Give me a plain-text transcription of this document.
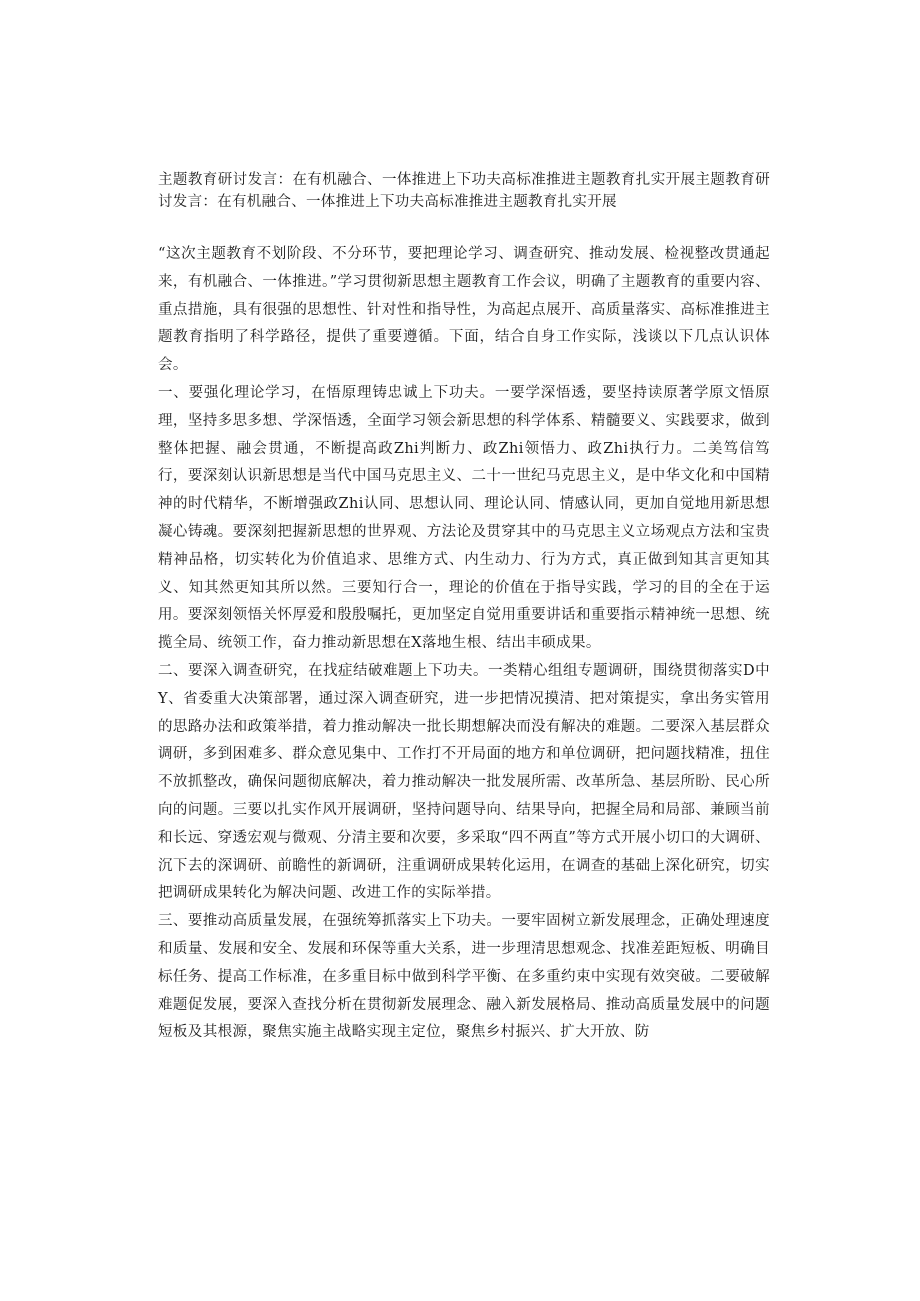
主题教育研讨发言：在有机融合、一体推进上下功夫高标准推进主题教育扎实开展主题教育研讨发言：在有机融合、一体推进上下功夫高标准推进主题教育扎实开展

“这次主题教育不划阶段、不分环节，要把理论学习、调查研究、推动发展、检视整改贯通起来，有机融合、一体推进。”学习贯彻新思想主题教育工作会议，明确了主题教育的重要内容、重点措施，具有很强的思想性、针对性和指导性，为高起点展开、高质量落实、高标准推进主题教育指明了科学路径，提供了重要遵循。下面，结合自身工作实际，浅谈以下几点认识体会。

一、要强化理论学习，在悟原理铸忠诚上下功夫。一要学深悟透，要坚持读原著学原文悟原理，坚持多思多想、学深悟透，全面学习领会新思想的科学体系、精髓要义、实践要求，做到整体把握、融会贯通，不断提高政Zhi判断力、政Zhi领悟力、政Zhi执行力。二美笃信笃行，要深刻认识新思想是当代中国马克思主义、二十一世纪马克思主义，是中华文化和中国精神的时代精华，不断增强政Zhi认同、思想认同、理论认同、情感认同，更加自觉地用新思想凝心铸魂。要深刻把握新思想的世界观、方法论及贯穿其中的马克思主义立场观点方法和宝贵精神品格，切实转化为价值追求、思维方式、内生动力、行为方式，真正做到知其言更知其义、知其然更知其所以然。三要知行合一，理论的价值在于指导实践，学习的目的全在于运用。要深刻领悟关怀厚爱和殷殷嘱托，更加坚定自觉用重要讲话和重要指示精神统一思想、统揽全局、统领工作，奋力推动新思想在X落地生根、结出丰硕成果。

二、要深入调查研究，在找症结破难题上下功夫。一类精心组组专题调研，围绕贯彻落实D中Y、省委重大决策部署，通过深入调查研究，进一步把情况摸清、把对策提实，拿出务实管用的思路办法和政策举措，着力推动解决一批长期想解决而没有解决的难题。二要深入基层群众调研，多到困难多、群众意见集中、工作打不开局面的地方和单位调研，把问题找精准，扭住不放抓整改，确保问题彻底解决，着力推动解决一批发展所需、改革所急、基层所盼、民心所向的问题。三要以扎实作风开展调研，坚持问题导向、结果导向，把握全局和局部、兼顾当前和长远、穿透宏观与微观、分清主要和次要，多采取“四不两直”等方式开展小切口的大调研、沉下去的深调研、前瞻性的新调研，注重调研成果转化运用，在调查的基础上深化研究，切实把调研成果转化为解决问题、改进工作的实际举措。

三、要推动高质量发展，在强统筹抓落实上下功夫。一要牢固树立新发展理念，正确处理速度和质量、发展和安全、发展和环保等重大关系，进一步理清思想观念、找准差距短板、明确目标任务、提高工作标准，在多重目标中做到科学平衡、在多重约束中实现有效突破。二要破解难题促发展，要深入查找分析在贯彻新发展理念、融入新发展格局、推动高质量发展中的问题短板及其根源，聚焦实施主战略实现主定位，聚焦乡村振兴、扩大开放、防
